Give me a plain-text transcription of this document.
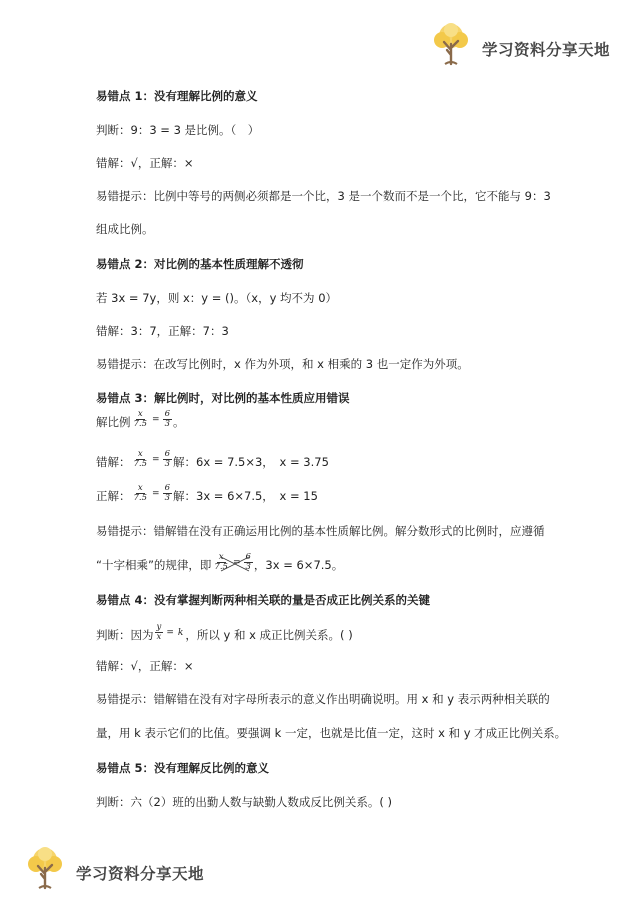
学习资料分享天地
易错点 1：没有理解比例的意义
判断：9：3 = 3 是比例。（　）
错解：√，正解：×
易错提示：比例中等号的两侧必须都是一个比，3 是一个数而不是一个比，它不能与 9：3
组成比例。
易错点 2：对比例的基本性质理解不透彻
若 3x = 7y，则 x：y = ()。（x，y 均不为 0）
错解：3：7，正解：7：3
易错提示：在改写比例时，x 作为外项，和 x 相乘的 3 也一定作为外项。
易错点 3：解比例时，对比例的基本性质应用错误
解比例 $\frac{x}{7.5} = \frac{6}{3}$ 。
错解： $\frac{x}{7.5} = \frac{6}{3}$ 解：6x = 7.5×3，　x = 3.75
正解： $\frac{x}{7.5} = \frac{6}{3}$ 解：3x = 6×7.5，　x = 15
易错提示：错解错在没有正确运用比例的基本性质解比例。解分数形式的比例时，应遵循
“十字相乘”的规律，即 $\frac{x}{7.5} = \frac{6}{3}$ ，3x = 6×7.5。
易错点 4：没有掌握判断两种相关联的量是否成正比例关系的关键
判断：因为 $\frac{y}{x} = k$ ，所以 y 和 x 成正比例关系。( )
错解：√，正解：×
易错提示：错解错在没有对字母所表示的意义作出明确说明。用 x 和 y 表示两种相关联的
量，用 k 表示它们的比值。要强调 k 一定，也就是比值一定，这时 x 和 y 才成正比例关系。
易错点 5：没有理解反比例的意义
判断：六（2）班的出勤人数与缺勤人数成反比例关系。( )
学习资料分享天地
